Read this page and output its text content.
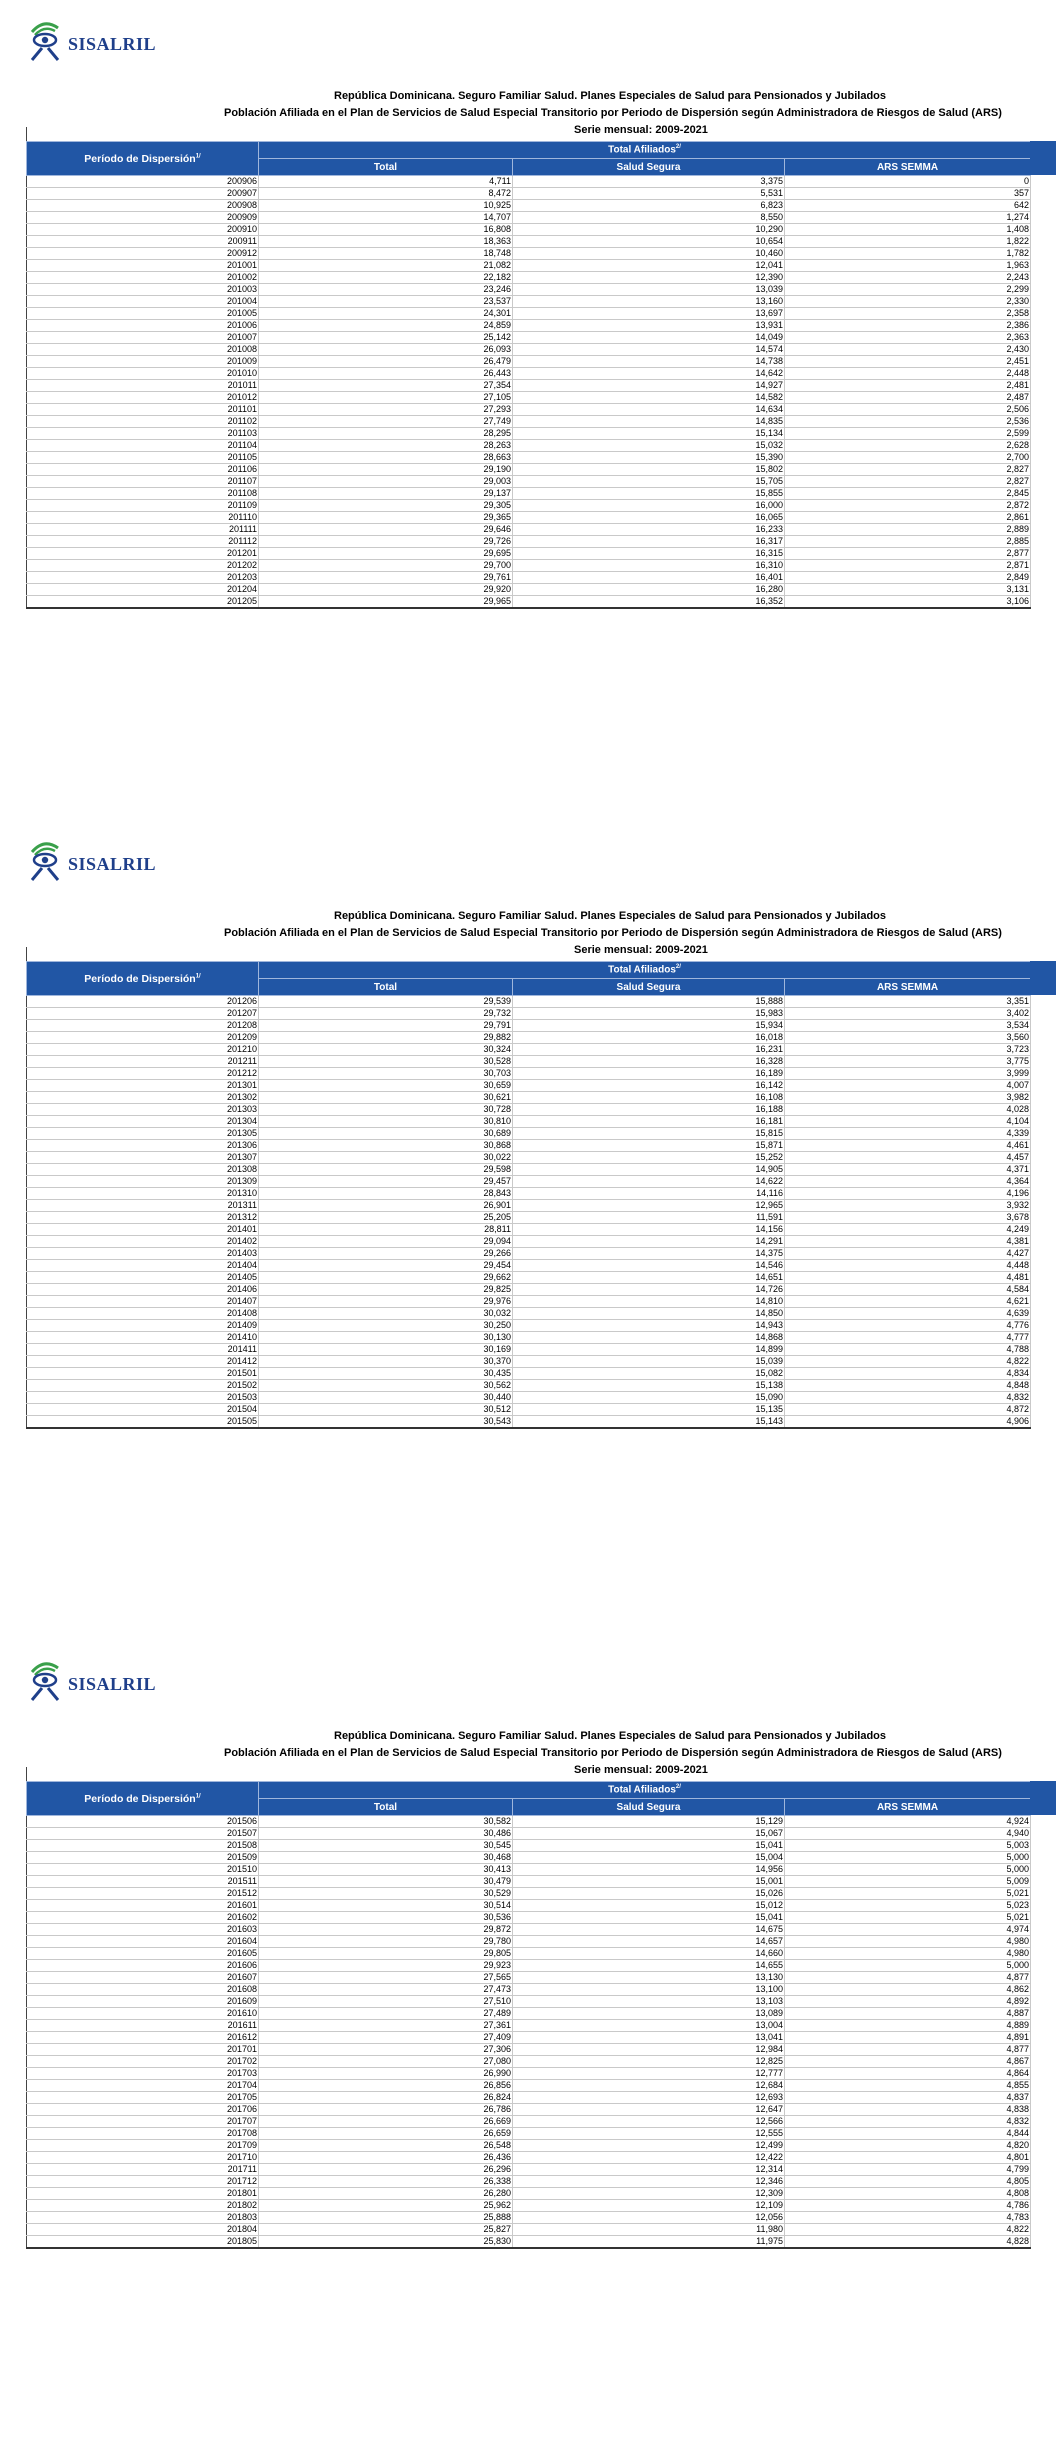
SISALRIL
República Dominicana. Seguro Familiar Salud. Planes Especiales de Salud para Pensionados y Jubilados
Población Afiliada en el Plan de Servicios de Salud Especial Transitorio por Periodo de Dispersión según Administradora de Riesgos de Salud (ARS)
Serie mensual: 2009-2021
Período de Dispersión$^{1/}$	Total Afiliados$^{2/}$
	Total	Salud Segura	ARS SEMMA
200906	4,711	3,375	0
200907	8,472	5,531	357
200908	10,925	6,823	642
200909	14,707	8,550	1,274
200910	16,808	10,290	1,408
200911	18,363	10,654	1,822
200912	18,748	10,460	1,782
201001	21,082	12,041	1,963
201002	22,182	12,390	2,243
201003	23,246	13,039	2,299
201004	23,537	13,160	2,330
201005	24,301	13,697	2,358
201006	24,859	13,931	2,386
201007	25,142	14,049	2,363
201008	26,093	14,574	2,430
201009	26,479	14,738	2,451
201010	26,443	14,642	2,448
201011	27,354	14,927	2,481
201012	27,105	14,582	2,487
201101	27,293	14,634	2,506
201102	27,749	14,835	2,536
201103	28,295	15,134	2,599
201104	28,263	15,032	2,628
201105	28,663	15,390	2,700
201106	29,190	15,802	2,827
201107	29,003	15,705	2,827
201108	29,137	15,855	2,845
201109	29,305	16,000	2,872
201110	29,365	16,065	2,861
201111	29,646	16,233	2,889
201112	29,726	16,317	2,885
201201	29,695	16,315	2,877
201202	29,700	16,310	2,871
201203	29,761	16,401	2,849
201204	29,920	16,280	3,131
201205	29,965	16,352	3,106
SISALRIL
República Dominicana. Seguro Familiar Salud. Planes Especiales de Salud para Pensionados y Jubilados
Población Afiliada en el Plan de Servicios de Salud Especial Transitorio por Periodo de Dispersión según Administradora de Riesgos de Salud (ARS)
Serie mensual: 2009-2021
Período de Dispersión$^{1/}$	Total Afiliados$^{2/}$
	Total	Salud Segura	ARS SEMMA
201206	29,539	15,888	3,351
201207	29,732	15,983	3,402
201208	29,791	15,934	3,534
201209	29,882	16,018	3,560
201210	30,324	16,231	3,723
201211	30,528	16,328	3,775
201212	30,703	16,189	3,999
201301	30,659	16,142	4,007
201302	30,621	16,108	3,982
201303	30,728	16,188	4,028
201304	30,810	16,181	4,104
201305	30,689	15,815	4,339
201306	30,868	15,871	4,461
201307	30,022	15,252	4,457
201308	29,598	14,905	4,371
201309	29,457	14,622	4,364
201310	28,843	14,116	4,196
201311	26,901	12,965	3,932
201312	25,205	11,591	3,678
201401	28,811	14,156	4,249
201402	29,094	14,291	4,381
201403	29,266	14,375	4,427
201404	29,454	14,546	4,448
201405	29,662	14,651	4,481
201406	29,825	14,726	4,584
201407	29,976	14,810	4,621
201408	30,032	14,850	4,639
201409	30,250	14,943	4,776
201410	30,130	14,868	4,777
201411	30,169	14,899	4,788
201412	30,370	15,039	4,822
201501	30,435	15,082	4,834
201502	30,562	15,138	4,848
201503	30,440	15,090	4,832
201504	30,512	15,135	4,872
201505	30,543	15,143	4,906
SISALRIL
República Dominicana. Seguro Familiar Salud. Planes Especiales de Salud para Pensionados y Jubilados
Población Afiliada en el Plan de Servicios de Salud Especial Transitorio por Periodo de Dispersión según Administradora de Riesgos de Salud (ARS)
Serie mensual: 2009-2021
Período de Dispersión$^{1/}$	Total Afiliados$^{2/}$
	Total	Salud Segura	ARS SEMMA
201506	30,582	15,129	4,924
201507	30,486	15,067	4,940
201508	30,545	15,041	5,003
201509	30,468	15,004	5,000
201510	30,413	14,956	5,000
201511	30,479	15,001	5,009
201512	30,529	15,026	5,021
201601	30,514	15,012	5,023
201602	30,536	15,041	5,021
201603	29,872	14,675	4,974
201604	29,780	14,657	4,980
201605	29,805	14,660	4,980
201606	29,923	14,655	5,000
201607	27,565	13,130	4,877
201608	27,473	13,100	4,862
201609	27,510	13,103	4,892
201610	27,489	13,089	4,887
201611	27,361	13,004	4,889
201612	27,409	13,041	4,891
201701	27,306	12,984	4,877
201702	27,080	12,825	4,867
201703	26,990	12,777	4,864
201704	26,856	12,684	4,855
201705	26,824	12,693	4,837
201706	26,786	12,647	4,838
201707	26,669	12,566	4,832
201708	26,659	12,555	4,844
201709	26,548	12,499	4,820
201710	26,436	12,422	4,801
201711	26,296	12,314	4,799
201712	26,338	12,346	4,805
201801	26,280	12,309	4,808
201802	25,962	12,109	4,786
201803	25,888	12,056	4,783
201804	25,827	11,980	4,822
201805	25,830	11,975	4,828
